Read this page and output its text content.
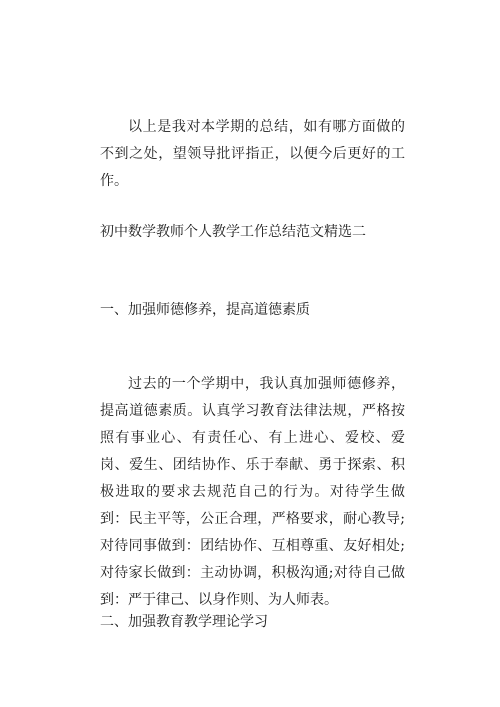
以上是我对本学期的总结，如有哪方面做的不到之处，望领导批评指正，以便今后更好的工作。

初中数学教师个人教学工作总结范文精选二

一、加强师德修养，提高道德素质

过去的一个学期中，我认真加强师德修养，提高道德素质。认真学习教育法律法规，严格按照有事业心、有责任心、有上进心、爱校、爱岗、爱生、团结协作、乐于奉献、勇于探索、积极进取的要求去规范自己的行为。对待学生做到：民主平等，公正合理，严格要求，耐心教导;对待同事做到：团结协作、互相尊重、友好相处;对待家长做到：主动协调，积极沟通;对待自己做到：严于律己、以身作则、为人师表。

二、加强教育教学理论学习
